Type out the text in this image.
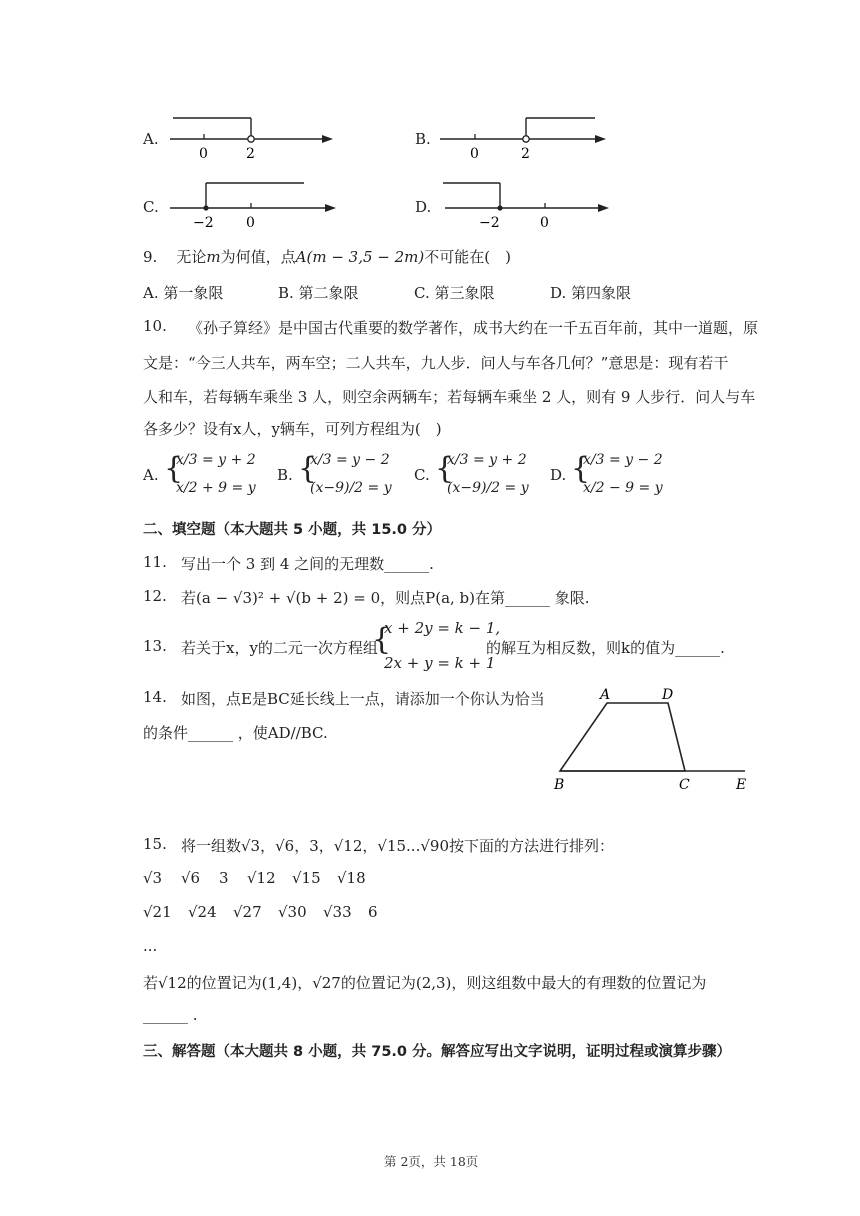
A.
0	2
B.
0	2
C.
−2 0
D.
−2	0
9. 无论m为何值，点A(m − 3,5 − 2m)不可能在(　)
A. 第一象限	B. 第二象限	C. 第三象限	D. 第四象限
10. 《孙子算经》是中国古代重要的数学著作，成书大约在一千五百年前，其中一道题，原
文是：“今三人共车，两车空；二人共车，九人步．问人与车各几何？”意思是：现有若干
人和车，若每辆车乘坐 3 人，则空余两辆车；若每辆车乘坐 2 人，则有 9 人步行．问人与车
各多少？设有x人，y辆车，可列方程组为(　)
A. {
x/3 = y + 2
x/2 + 9 = y
B. {
x/3 = y − 2
(x−9)/2 = y
C. {
x/3 = y + 2
(x−9)/2 = y
D. {
x/3 = y − 2
x/2 − 9 = y
二、填空题（本大题共 5 小题，共 15.0 分）
11. 写出一个 3 到 4 之间的无理数______.
12. 若(a − √3)² + √(b + 2) = 0，则点P(a, b)在第______ 象限.
13. 若关于x，y的二元一次方程组
{
x + 2y = k − 1,
2x + y = k + 1
的解互为相反数，则k的值为______.
14. 如图，点E是BC延长线上一点，请添加一个你认为恰当
的条件______ ，使AD//BC.
A	D
B	C	E
15. 将一组数√3，√6，3，√12，√15...√90按下面的方法进行排列：
√3 √6 3 √12 √15 √18
√21 √24 √27 √30 √33 6
...
若√12的位置记为(1,4)，√27的位置记为(2,3)，则这组数中最大的有理数的位置记为
______ .
三、解答题（本大题共 8 小题，共 75.0 分。解答应写出文字说明，证明过程或演算步骤）
第 2页，共 18页
